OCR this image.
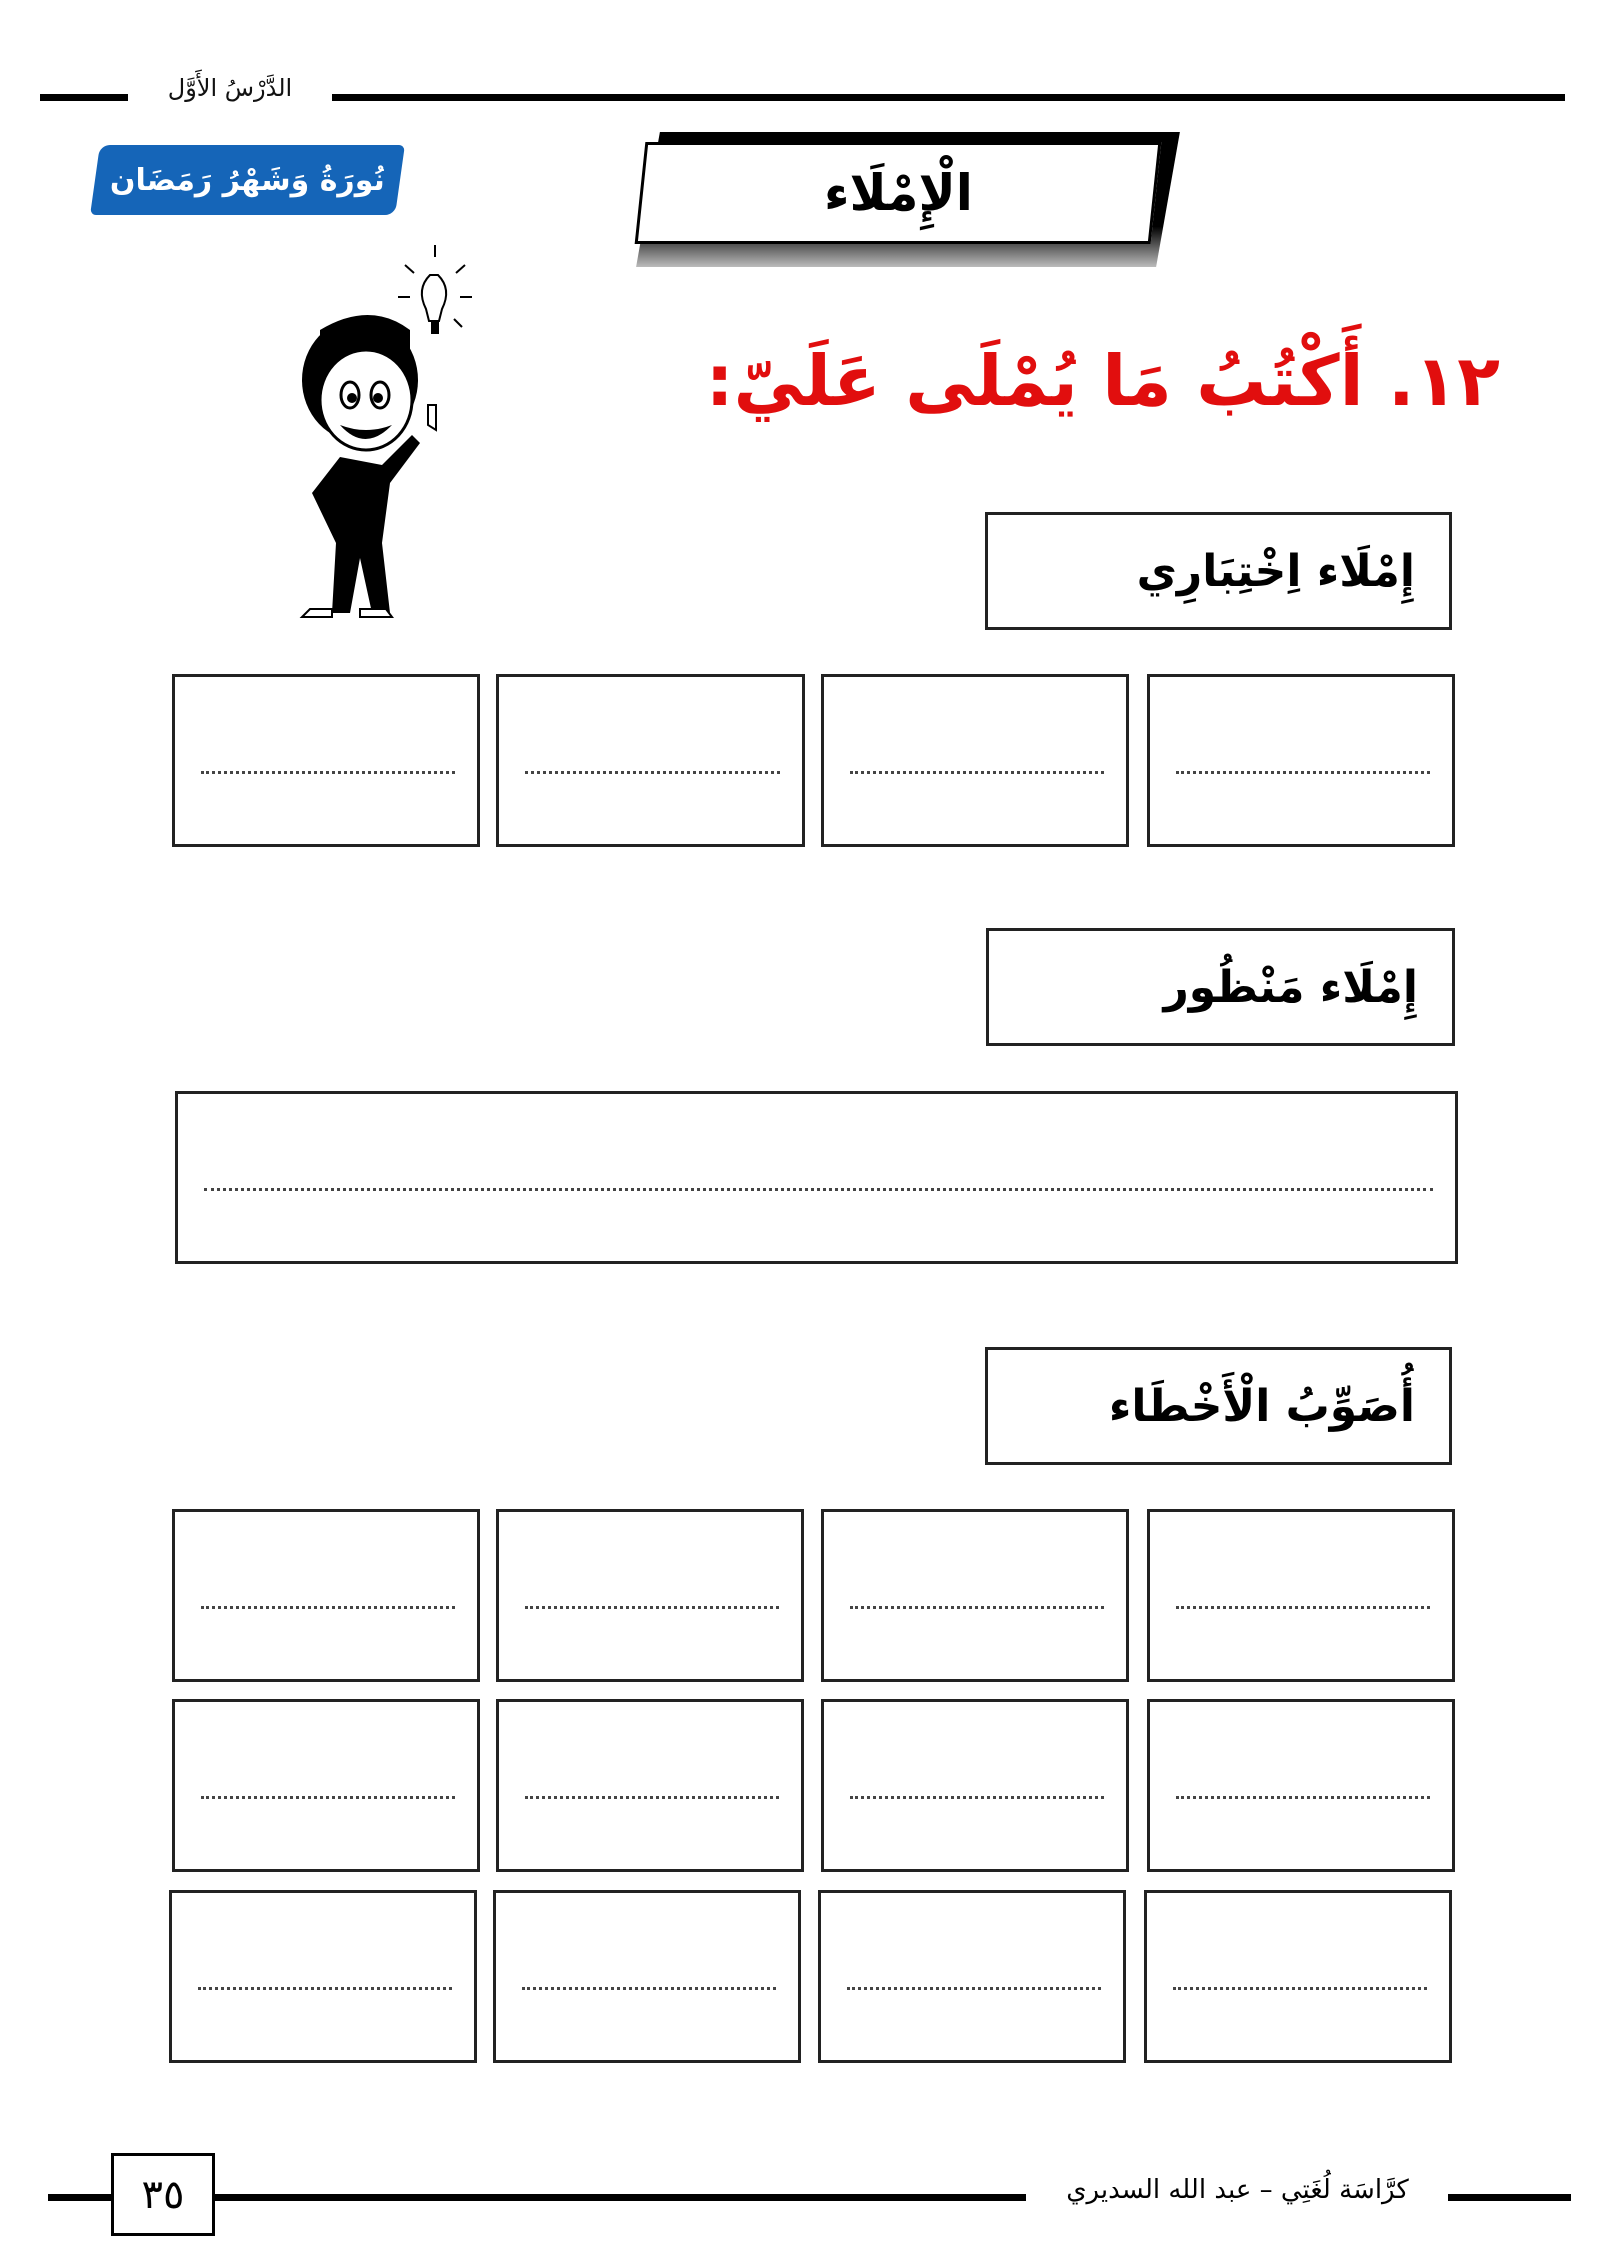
الدَّرْسُ الأَوَّل
نُورَةُ وَشَهْرُ رَمَضَان	الْإِمْلَاء
١٢. أَكْتُبُ مَا يُمْلَى عَلَيّ:
إِمْلَاء اِخْتِبَارِي
إِمْلَاء مَنْظُور
أُصَوِّبُ الْأَخْطَاء
٣٥	كرَّاسَة لُغَتِي – عبد الله السديري
